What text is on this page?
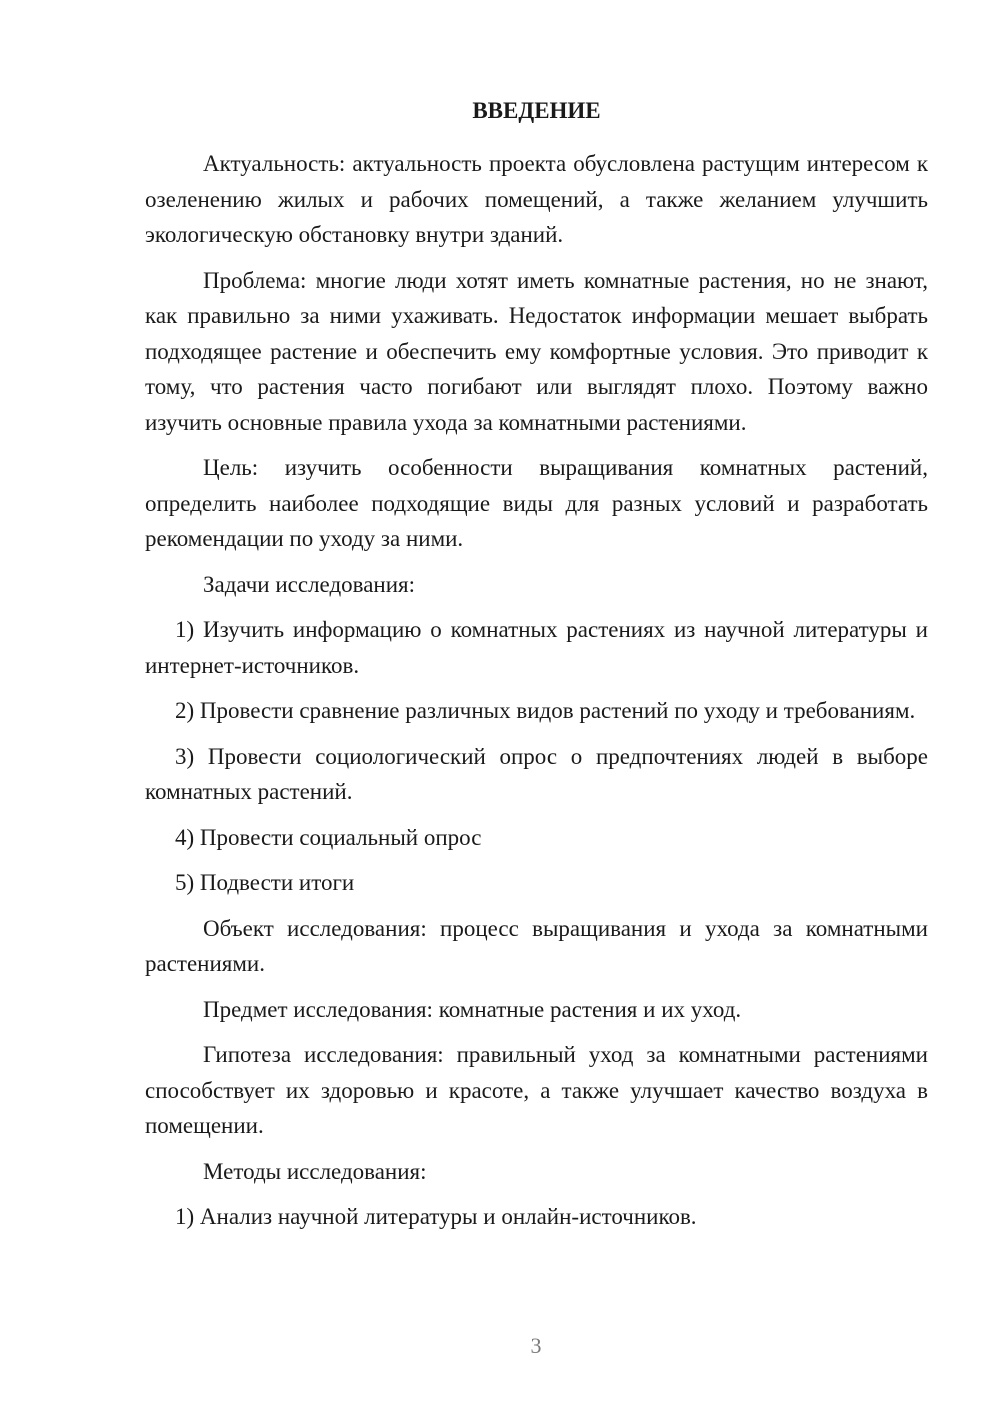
ВВЕДЕНИЕ

Актуальность: актуальность проекта обусловлена растущим интересом к озеленению жилых и рабочих помещений, а также желанием улучшить экологическую обстановку внутри зданий.

Проблема: многие люди хотят иметь комнатные растения, но не знают, как правильно за ними ухаживать. Недостаток информации мешает выбрать подходящее растение и обеспечить ему комфортные условия. Это приводит к тому, что растения часто погибают или выглядят плохо. Поэтому важно изучить основные правила ухода за комнатными растениями.

Цель: изучить особенности выращивания комнатных растений, определить наиболее подходящие виды для разных условий и разработать рекомендации по уходу за ними.

Задачи исследования:

1) Изучить информацию о комнатных растениях из научной литературы и интернет-источников.

2) Провести сравнение различных видов растений по уходу и требованиям.

3) Провести социологический опрос о предпочтениях людей в выборе комнатных растений.

4) Провести социальный опрос

5) Подвести итоги

Объект исследования: процесс выращивания и ухода за комнатными растениями.

Предмет исследования: комнатные растения и их уход.

Гипотеза исследования: правильный уход за комнатными растениями способствует их здоровью и красоте, а также улучшает качество воздуха в помещении.

Методы исследования:

1) Анализ научной литературы и онлайн-источников.

3
